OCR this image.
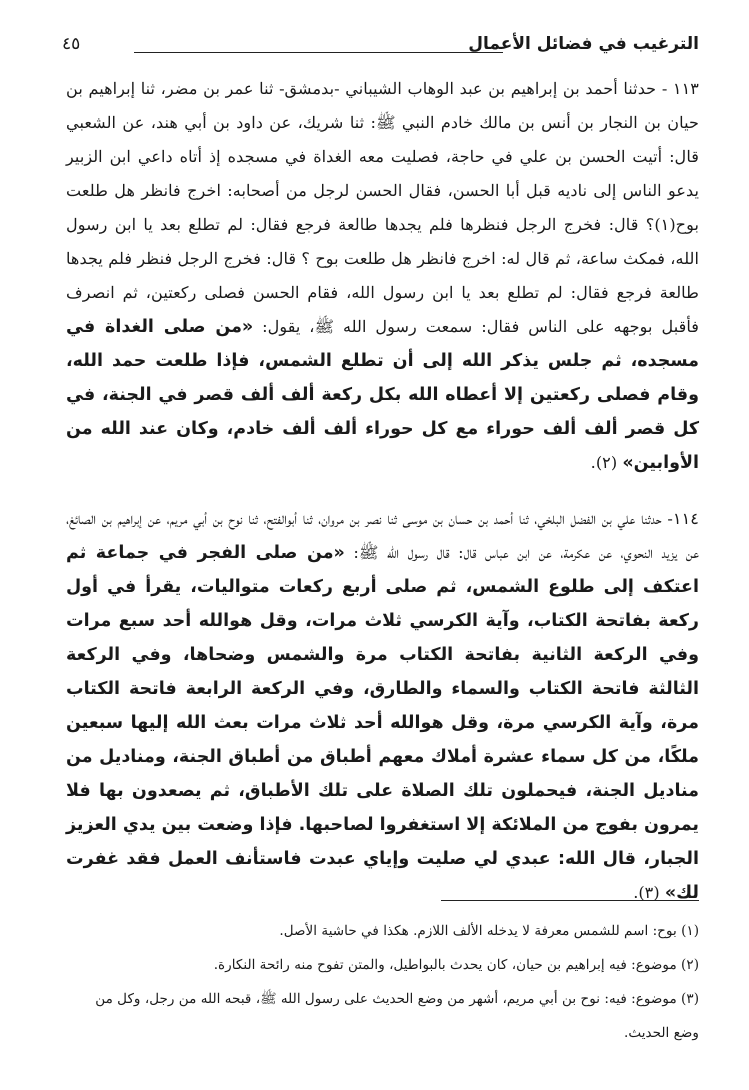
الترغيب في فضائل الأعمال
٤٥

١١٣ - حدثنا أحمد بن إبراهيم بن عبد الوهاب الشيباني -بدمشق- ثنا عمر بن مضر، ثنا إبراهيم بن حيان بن النجار بن أنس بن مالك خادم النبي ﷺ: ثنا شريك، عن داود بن أبي هند، عن الشعبي قال: أتيت الحسن بن علي في حاجة، فصليت معه الغداة في مسجده إذ أتاه داعي ابن الزبير يدعو الناس إلى ناديه قبل أبا الحسن، فقال الحسن لرجل من أصحابه: اخرج فانظر هل طلعت بوح(١)؟ قال: فخرج الرجل فنظرها فلم يجدها طالعة فرجع فقال: لم تطلع بعد يا ابن رسول الله، فمكث ساعة، ثم قال له: اخرج فانظر هل طلعت بوح ؟ قال: فخرج الرجل فنظر فلم يجدها طالعة فرجع فقال: لم تطلع بعد يا ابن رسول الله، فقام الحسن فصلى ركعتين، ثم انصرف فأقبل بوجهه على الناس فقال: سمعت رسول الله ﷺ، يقول: «من صلى الغداة في مسجده، ثم جلس يذكر الله إلى أن تطلع الشمس، فإذا طلعت حمد الله، وقام فصلى ركعتين إلا أعطاه الله بكل ركعة ألف ألف قصر في الجنة، في كل قصر ألف ألف حوراء مع كل حوراء ألف ألف خادم، وكان عند الله من الأوابين» (٢).

١١٤- حدثنا علي بن الفضل البلخي، ثنا أحمد بن حسان بن موسى ثنا نصر بن مروان، ثنا أبوالفتح، ثنا نوح بن أبي مريم، عن إبراهيم بن الصائغ، عن يزيد النحوي، عن عكرمة، عن ابن عباس قال: قال رسول الله ﷺ: «من صلى الفجر في جماعة ثم اعتكف إلى طلوع الشمس، ثم صلى أربع ركعات متواليات، يقرأ في أول ركعة بفاتحة الكتاب، وآية الكرسي ثلاث مرات، وقل هوالله أحد سبع مرات وفي الركعة الثانية بفاتحة الكتاب مرة والشمس وضحاها، وفي الركعة الثالثة فاتحة الكتاب والسماء والطارق، وفي الركعة الرابعة فاتحة الكتاب مرة، وآية الكرسي مرة، وقل هوالله أحد ثلاث مرات بعث الله إليها سبعين ملكًا، من كل سماء عشرة أملاك معهم أطباق من أطباق الجنة، ومناديل من مناديل الجنة، فيحملون تلك الصلاة على تلك الأطباق، ثم يصعدون بها فلا يمرون بفوج من الملائكة إلا استغفروا لصاحبها. فإذا وضعت بين يدي العزيز الجبار، قال الله: عبدي لي صليت وإياي عبدت فاستأنف العمل فقد غفرت لك» (٣).

(١) بوح: اسم للشمس معرفة لا يدخله الألف اللازم. هكذا في حاشية الأصل.

(٢) موضوع: فيه إبراهيم بن حيان، كان يحدث بالبواطيل، والمتن تفوح منه رائحة النكارة.

(٣) موضوع: فيه: نوح بن أبي مريم، أشهر من وضع الحديث على رسول الله ﷺ، قبحه الله من رجل، وكل من وضع الحديث.
